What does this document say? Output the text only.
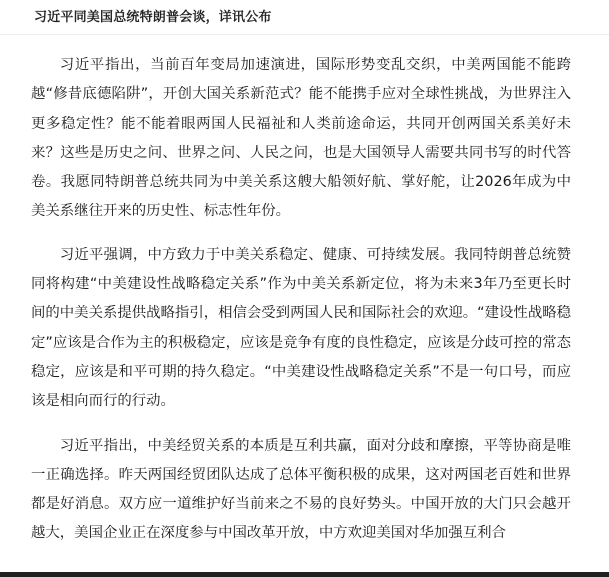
习近平同美国总统特朗普会谈，详讯公布

习近平指出，当前百年变局加速演进，国际形势变乱交织，中美两国能不能跨越“修昔底德陷阱”，开创大国关系新范式？能不能携手应对全球性挑战，为世界注入更多稳定性？能不能着眼两国人民福祉和人类前途命运，共同开创两国关系美好未来？这些是历史之问、世界之问、人民之问，也是大国领导人需要共同书写的时代答卷。我愿同特朗普总统共同为中美关系这艘大船领好航、掌好舵，让2026年成为中美关系继往开来的历史性、标志性年份。

习近平强调，中方致力于中美关系稳定、健康、可持续发展。我同特朗普总统赞同将构建“中美建设性战略稳定关系”作为中美关系新定位，将为未来3年乃至更长时间的中美关系提供战略指引，相信会受到两国人民和国际社会的欢迎。“建设性战略稳定”应该是合作为主的积极稳定，应该是竞争有度的良性稳定，应该是分歧可控的常态稳定，应该是和平可期的持久稳定。“中美建设性战略稳定关系”不是一句口号，而应该是相向而行的行动。

习近平指出，中美经贸关系的本质是互利共赢，面对分歧和摩擦，平等协商是唯一正确选择。昨天两国经贸团队达成了总体平衡积极的成果，这对两国老百姓和世界都是好消息。双方应一道维护好当前来之不易的良好势头。中国开放的大门只会越开越大，美国企业正在深度参与中国改革开放，中方欢迎美国对华加强互利合
